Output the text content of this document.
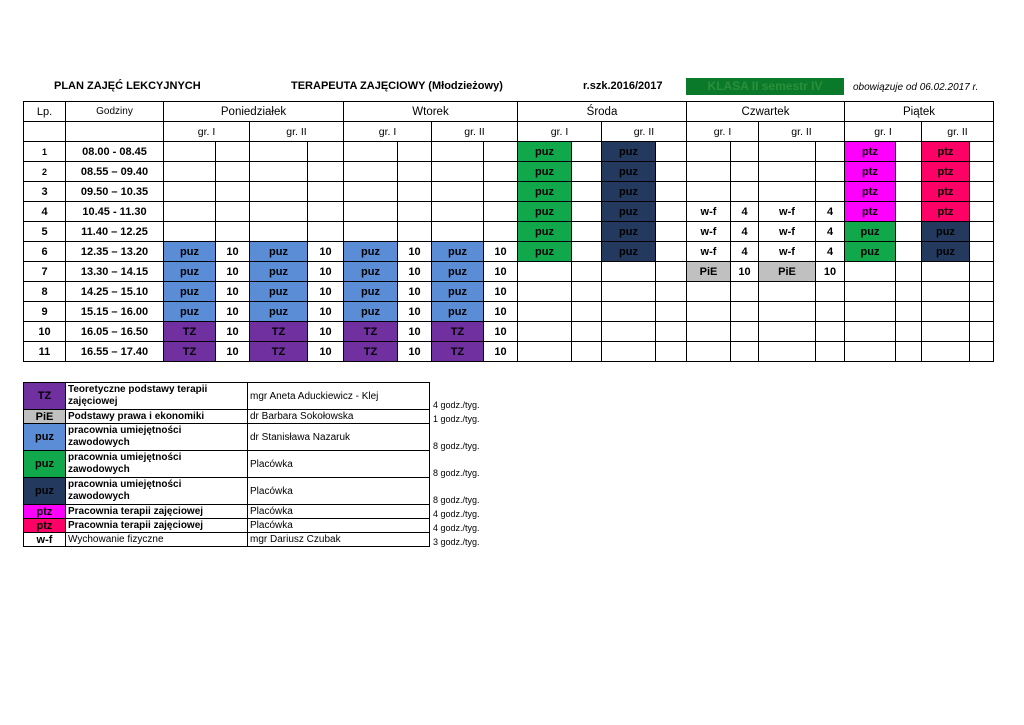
PLAN ZAJĘĆ LEKCYJNYCH	TERAPEUTA ZAJĘCIOWY (Młodzieżowy)	r.szk.2016/2017	KLASA II semestr IV	obowiązuje od 06.02.2017 r.
Lp.	Godziny	Poniedziałek				Wtorek				Środa				Czwartek				Piątek			
		gr. I		gr. II		gr. I		gr. II		gr. I		gr. II		gr. I		gr. II		gr. I		gr. II	
1	08.00 - 08.45									puz		puz						ptz		ptz	
2	08.55 – 09.40									puz		puz						ptz		ptz	
3	09.50 – 10.35									puz		puz						ptz		ptz	
4	10.45 - 11.30									puz		puz		w-f	4	w-f	4	ptz		ptz	
5	11.40 – 12.25									puz		puz		w-f	4	w-f	4	puz		puz	
6	12.35 – 13.20	puz	10	puz	10	puz	10	puz	10	puz		puz		w-f	4	w-f	4	puz		puz	
7	13.30 – 14.15	puz	10	puz	10	puz	10	puz	10					PiE	10	PiE	10				
8	14.25 – 15.10	puz	10	puz	10	puz	10	puz	10												
9	15.15 – 16.00	puz	10	puz	10	puz	10	puz	10												
10	16.05 – 16.50	TZ	10	TZ	10	TZ	10	TZ	10												
11	16.55 – 17.40	TZ	10	TZ	10	TZ	10	TZ	10												
TZ	Teoretyczne podstawy terapii zajęciowej	mgr Aneta Aduckiewicz - Klej	4 godz./tyg.
PiE	Podstawy prawa i ekonomiki	dr Barbara Sokołowska	1 godz./tyg.
puz	pracownia umiejętności zawodowych	dr Stanisława Nazaruk	8 godz./tyg.
puz	pracownia umiejętności zawodowych	Placówka	8 godz./tyg.
puz	pracownia umiejętności zawodowych	Placówka	8 godz./tyg.
ptz	Pracownia terapii zajęciowej	Placówka	4 godz./tyg.
ptz	Pracownia terapii zajęciowej	Placówka	4 godz./tyg.
w-f	Wychowanie fizyczne	mgr Dariusz Czubak	3 godz./tyg.
